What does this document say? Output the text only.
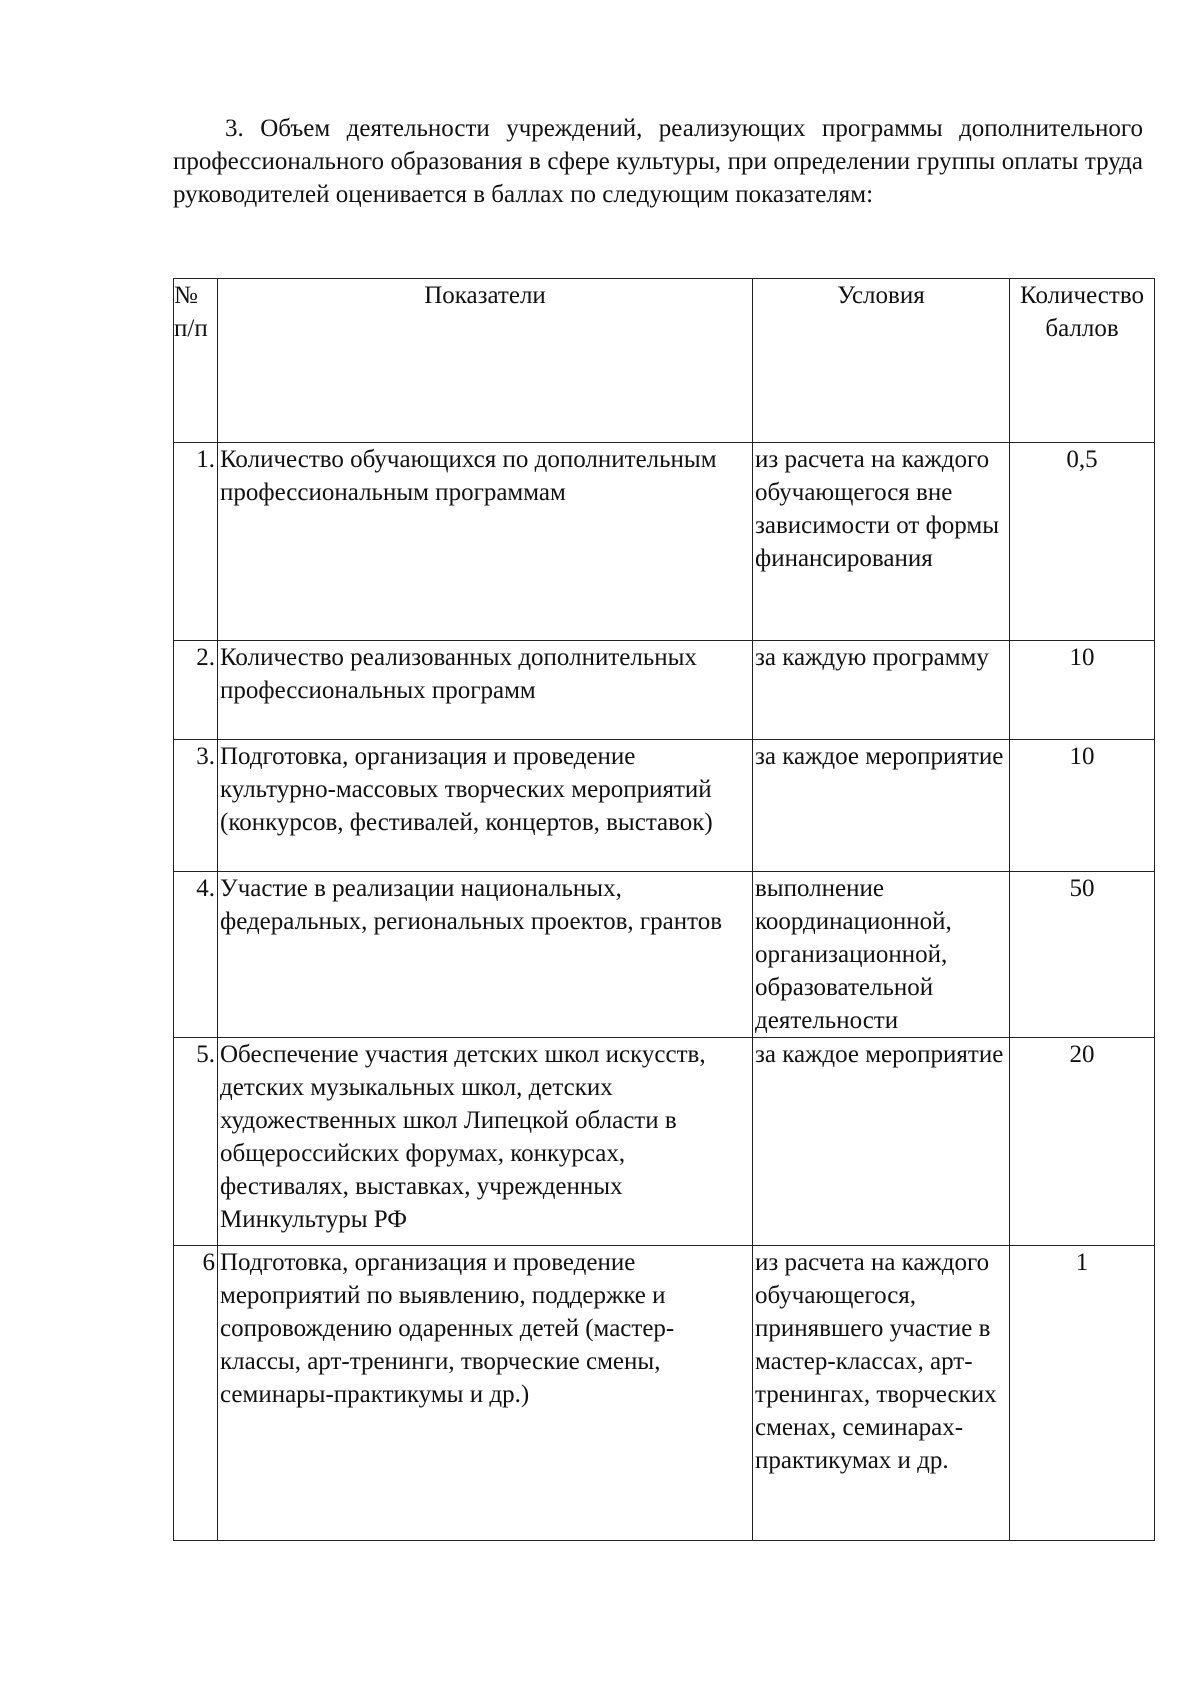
3. Объем деятельности учреждений, реализующих программы дополнительного профессионального образования в сфере культуры, при определении группы оплаты труда руководителей оценивается в баллах по следующим показателям:

№ п/п	Показатели	Условия	Количество баллов
1.	Количество обучающихся по дополнительным профессиональным программам	из расчета на каждого обучающегося вне зависимости от формы финансирования	0,5
2.	Количество реализованных дополнительных профессиональных программ	за каждую программу	10
3.	Подготовка, организация и проведение культурно-массовых творческих мероприятий (конкурсов, фестивалей, концертов, выставок)	за каждое мероприятие	10
4.	Участие в реализации национальных, федеральных, региональных проектов, грантов	выполнение координационной, организационной, образовательной деятельности	50
5.	Обеспечение участия детских школ искусств, детских музыкальных школ, детских художественных школ Липецкой области в общероссийских форумах, конкурсах, фестивалях, выставках, учрежденных Минкультуры РФ	за каждое мероприятие	20
6	Подготовка, организация и проведение мероприятий по выявлению, поддержке и сопровождению одаренных детей (мастер-классы, арт-тренинги, творческие смены, семинары-практикумы и др.)	из расчета на каждого обучающегося, принявшего участие в мастер-классах, арт-тренингах, творческих сменах, семинарах-практикумах и др.	1
